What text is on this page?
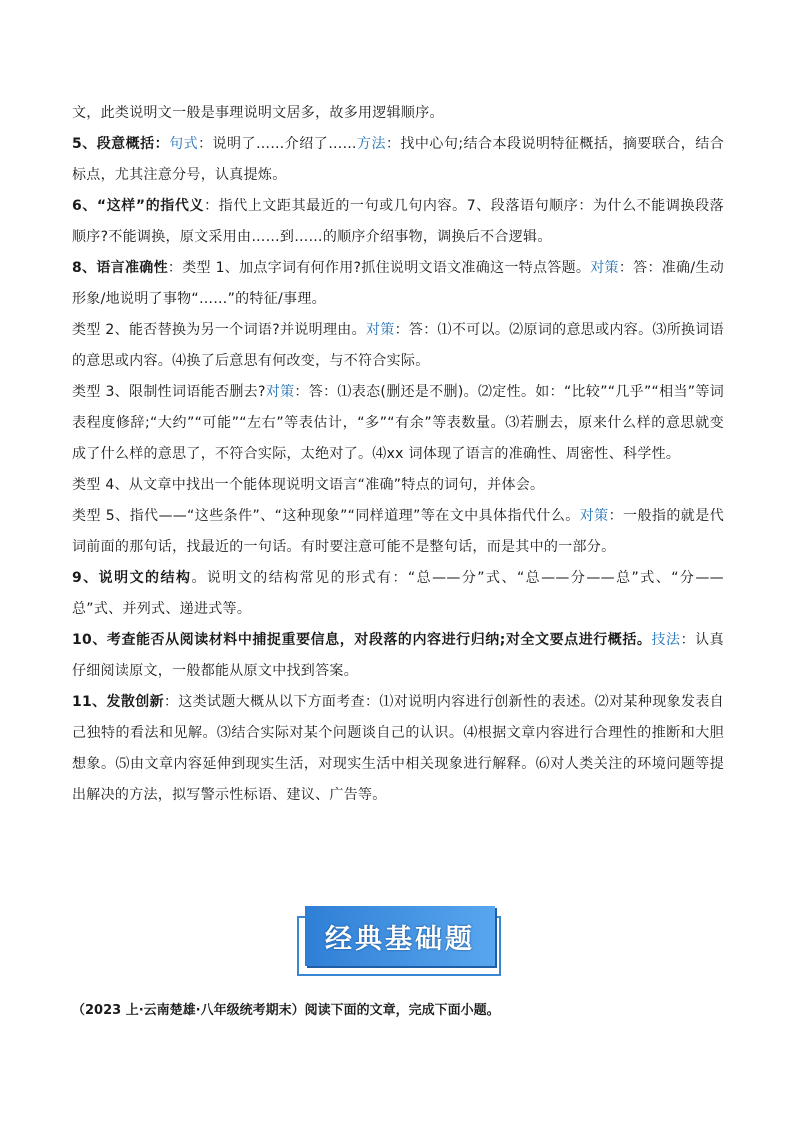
文，此类说明文一般是事理说明文居多，故多用逻辑顺序。

5、段意概括：句式：说明了……介绍了……方法：找中心句;结合本段说明特征概括，摘要联合，结合标点，尤其注意分号，认真提炼。

6、“这样”的指代义：指代上文距其最近的一句或几句内容。7、段落语句顺序：为什么不能调换段落顺序?不能调换，原文采用由……到……的顺序介绍事物，调换后不合逻辑。

8、语言准确性：类型 1、加点字词有何作用?抓住说明文语文准确这一特点答题。对策：答：准确/生动形象/地说明了事物“……”的特征/事理。

类型 2、能否替换为另一个词语?并说明理由。对策：答：⑴不可以。⑵原词的意思或内容。⑶所换词语的意思或内容。⑷换了后意思有何改变，与不符合实际。

类型 3、限制性词语能否删去?对策：答：⑴表态(删还是不删)。⑵定性。如：“比较”“几乎”“相当”等词表程度修辞;“大约”“可能”“左右”等表估计，“多”“有余”等表数量。⑶若删去，原来什么样的意思就变成了什么样的意思了，不符合实际，太绝对了。⑷xx 词体现了语言的准确性、周密性、科学性。

类型 4、从文章中找出一个能体现说明文语言“准确”特点的词句，并体会。

类型 5、指代——“这些条件”、“这种现象”“同样道理”等在文中具体指代什么。对策：一般指的就是代词前面的那句话，找最近的一句话。有时要注意可能不是整句话，而是其中的一部分。

9、说明文的结构。说明文的结构常见的形式有：“总——分”式、“总——分——总”式、“分——总”式、并列式、递进式等。

10、考查能否从阅读材料中捕捉重要信息，对段落的内容进行归纳;对全文要点进行概括。技法：认真仔细阅读原文，一般都能从原文中找到答案。

11、发散创新：这类试题大概从以下方面考查：⑴对说明内容进行创新性的表述。⑵对某种现象发表自己独特的看法和见解。⑶结合实际对某个问题谈自己的认识。⑷根据文章内容进行合理性的推断和大胆想象。⑸由文章内容延伸到现实生活，对现实生活中相关现象进行解释。⑹对人类关注的环境问题等提出解决的方法，拟写警示性标语、建议、广告等。

经典基础题
（2023 上·云南楚雄·八年级统考期末）阅读下面的文章，完成下面小题。
